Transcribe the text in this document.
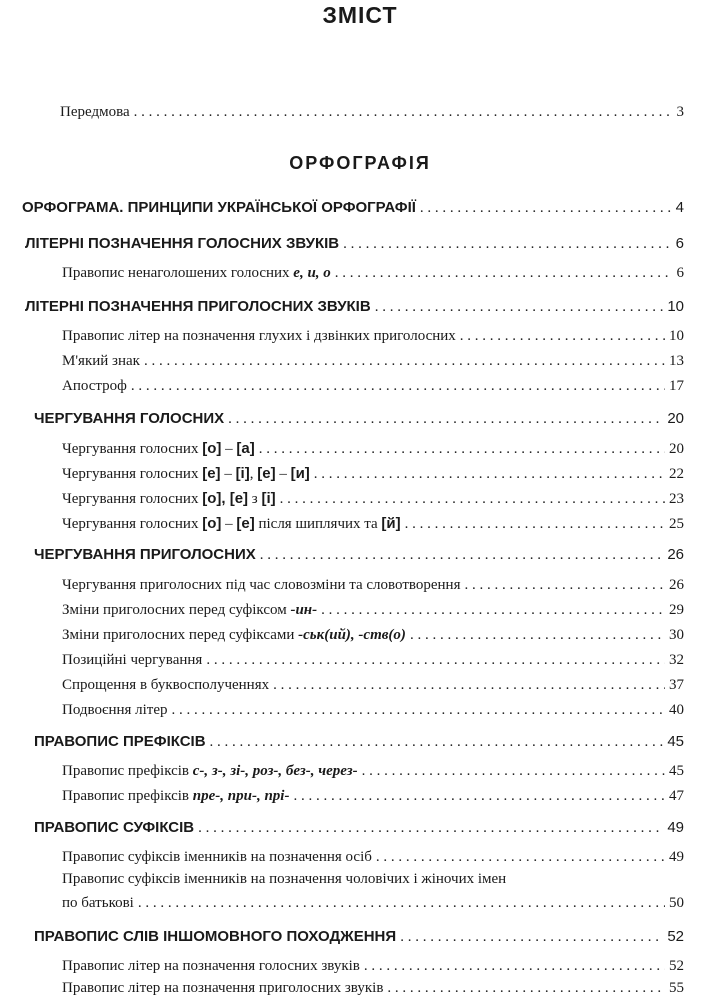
ЗМІСТ
Передмова . . .	3
ОРФОГРАФІЯ
ОРФОГРАМА. ПРИНЦИПИ УКРАЇНСЬКОЇ ОРФОГРАФІЇ . . .	4
ЛІТЕРНІ ПОЗНАЧЕННЯ ГОЛОСНИХ ЗВУКІВ . . .	6
Правопис ненаголошених голосних е, и, о . . .	6
ЛІТЕРНІ ПОЗНАЧЕННЯ ПРИГОЛОСНИХ ЗВУКІВ . . .	10
Правопис літер на позначення глухих і дзвінких приголосних . . .	10
М'який знак . . .	13
Апостроф . . .	17
ЧЕРГУВАННЯ ГОЛОСНИХ . . .	20
Чергування голосних [о] – [а] . . .	20
Чергування голосних [е] – [і], [е] – [и] . . .	22
Чергування голосних [о], [е] з [і] . . .	23
Чергування голосних [о] – [е] після шиплячих та [й] . . .	25
ЧЕРГУВАННЯ ПРИГОЛОСНИХ . . .	26
Чергування приголосних під час словозміни та словотворення . . .	26
Зміни приголосних перед суфіксом -ин- . . .	29
Зміни приголосних перед суфіксами -ськ(ий), -ств(о) . . .	30
Позиційні чергування . . .	32
Спрощення в буквосполученнях . . .	37
Подвоєння літер . . .	40
ПРАВОПИС ПРЕФІКСІВ . . .	45
Правопис префіксів с-, з-, зі-, роз-, без-, через- . . .	45
Правопис префіксів пре-, при-, прі- . . .	47
ПРАВОПИС СУФІКСІВ . . .	49
Правопис суфіксів іменників на позначення осіб . . .	49
Правопис суфіксів іменників на позначення чоловічих і жіночих імен
по батькові . . .	50
ПРАВОПИС СЛІВ ІНШОМОВНОГО ПОХОДЖЕННЯ . . .	52
Правопис літер на позначення голосних звуків . . .	52
Правопис літер на позначення приголосних звуків . . .	55
